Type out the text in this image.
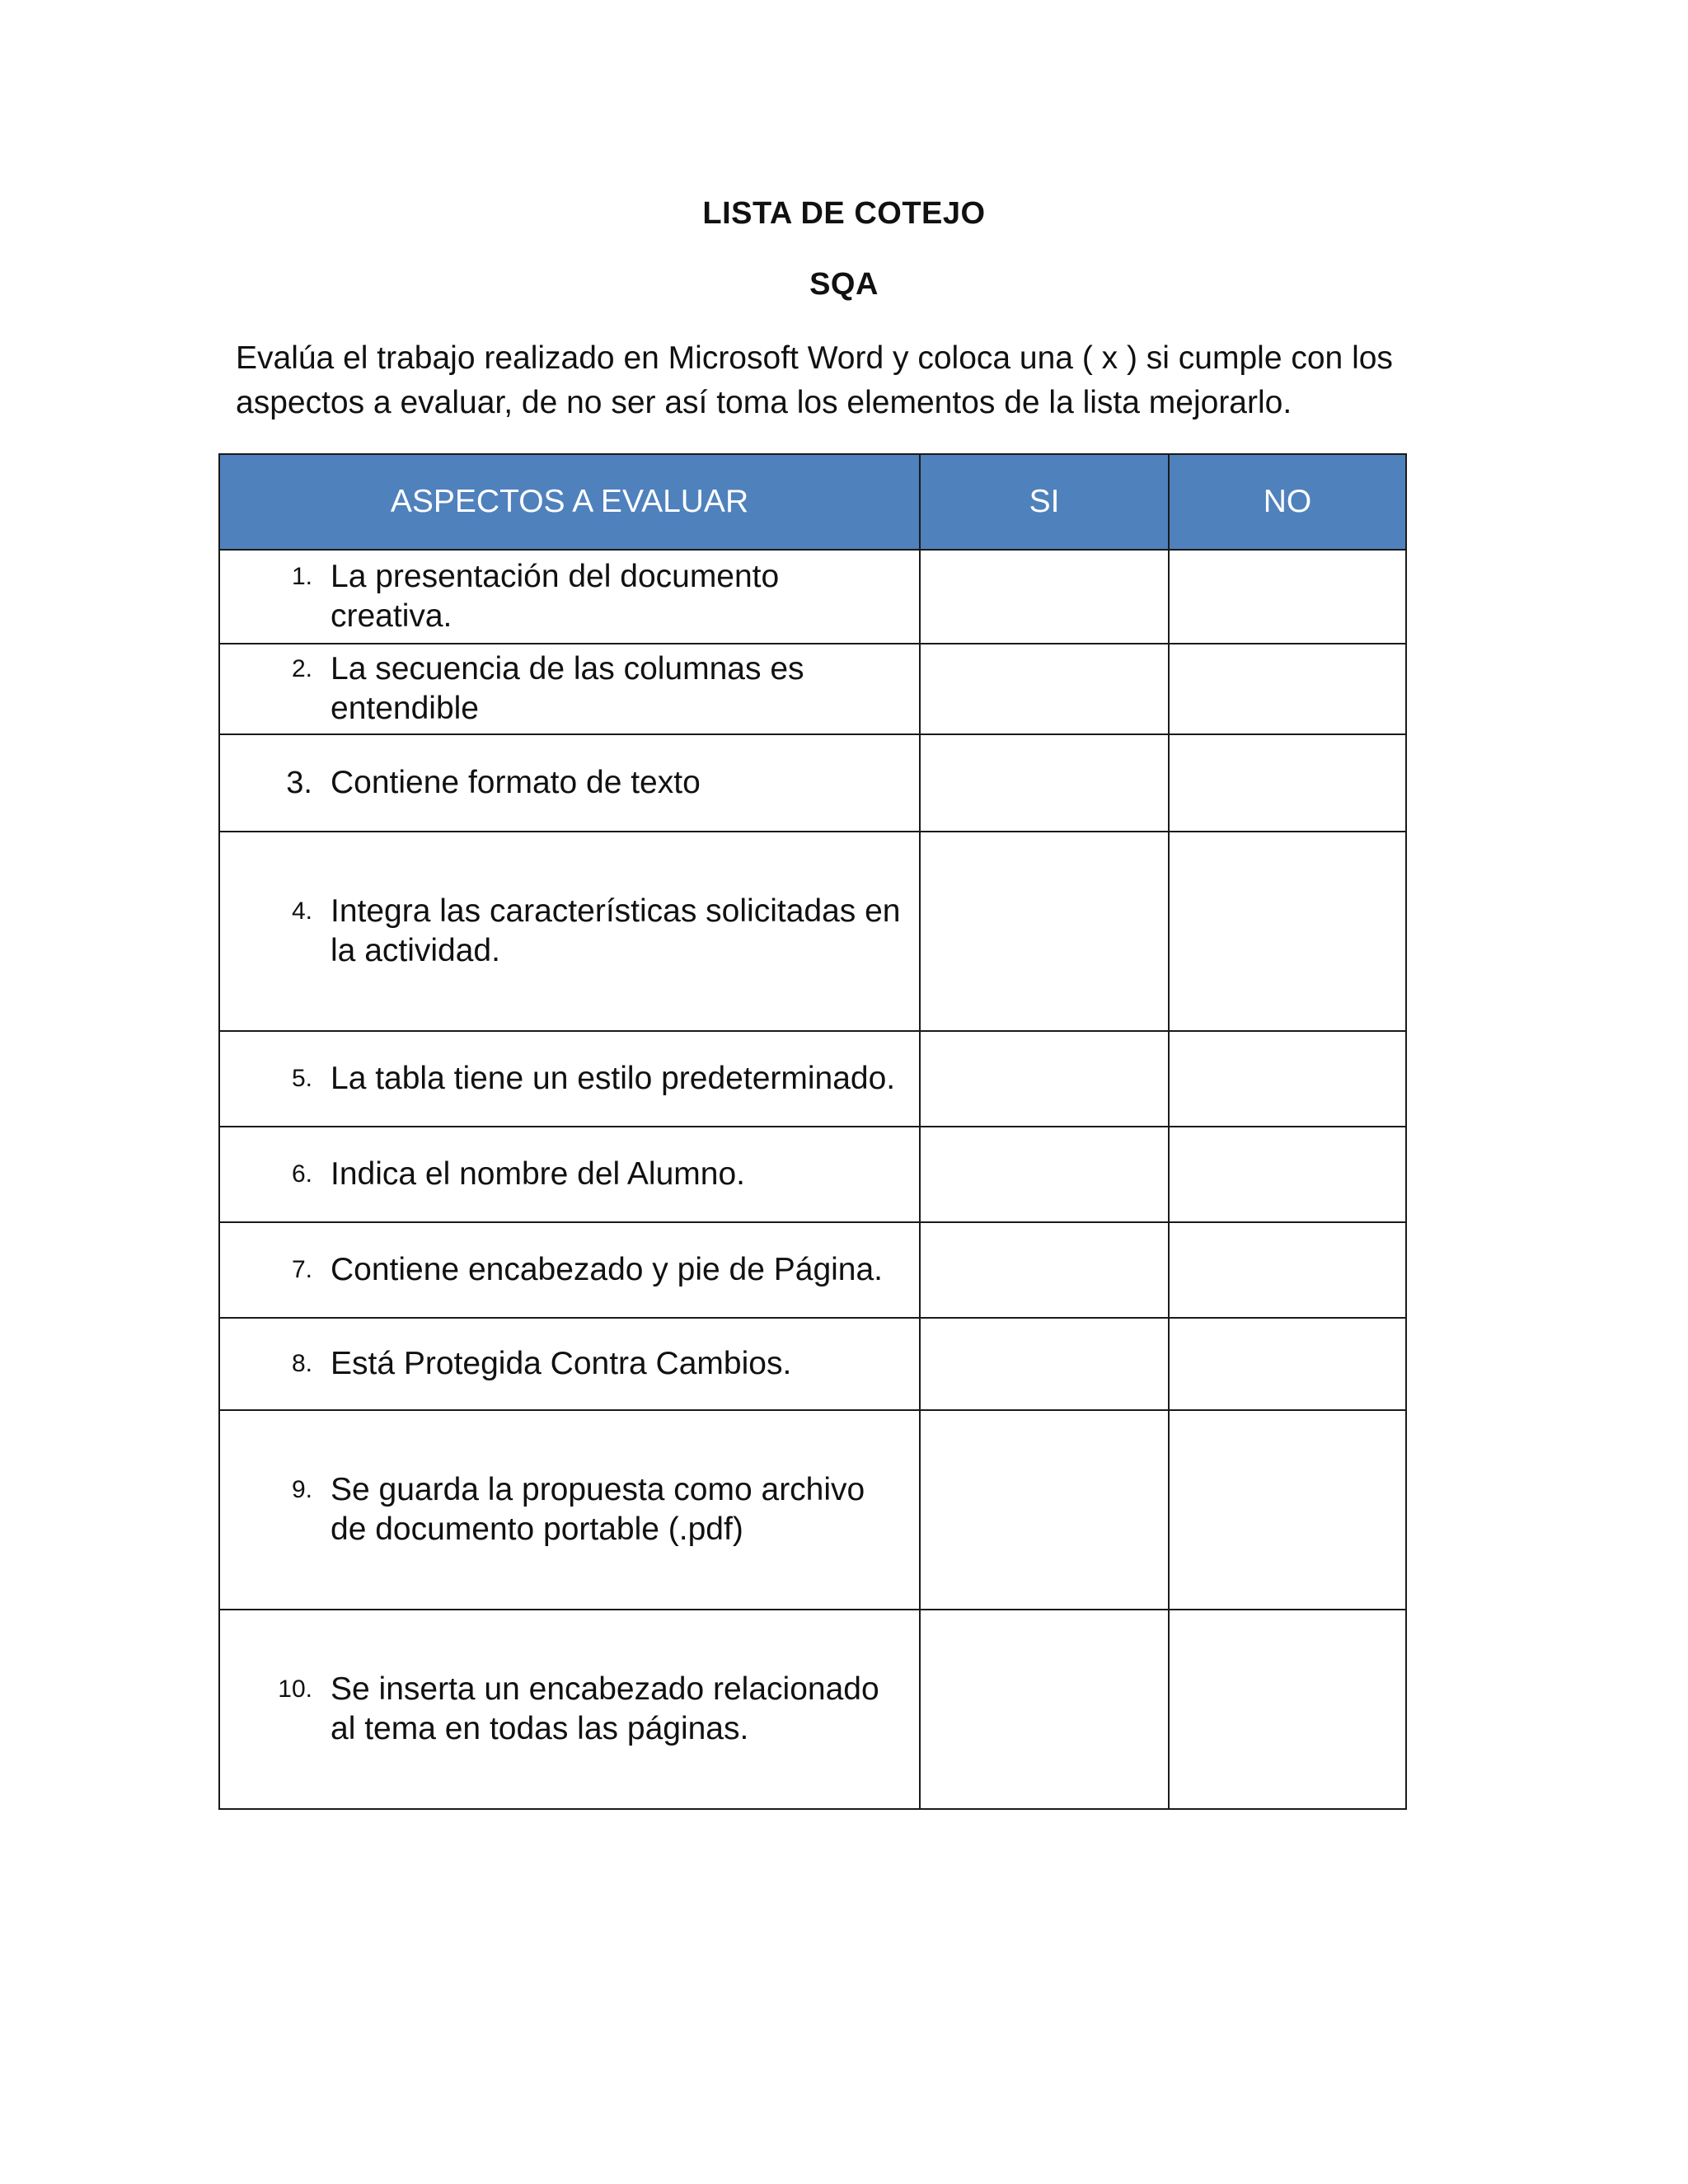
LISTA DE COTEJO
SQA
Evalúa el trabajo realizado en Microsoft Word y coloca una ( x ) si cumple con los aspectos a evaluar, de no ser así toma los elementos de la lista mejorarlo.
ASPECTOS A EVALUAR	SI	NO

1. La presentación del documento creativa.		

2. La secuencia de las columnas es entendible		

3. Contiene formato de texto		

4. Integra las características solicitadas en la actividad.		

5. La tabla tiene un estilo predeterminado.		

6. Indica el nombre del Alumno.		

7. Contiene encabezado y pie de Página.		

8. Está Protegida Contra Cambios.		

9. Se guarda la propuesta como archivo de documento portable (.pdf)		

10. Se inserta un encabezado relacionado al tema en todas las páginas.		
